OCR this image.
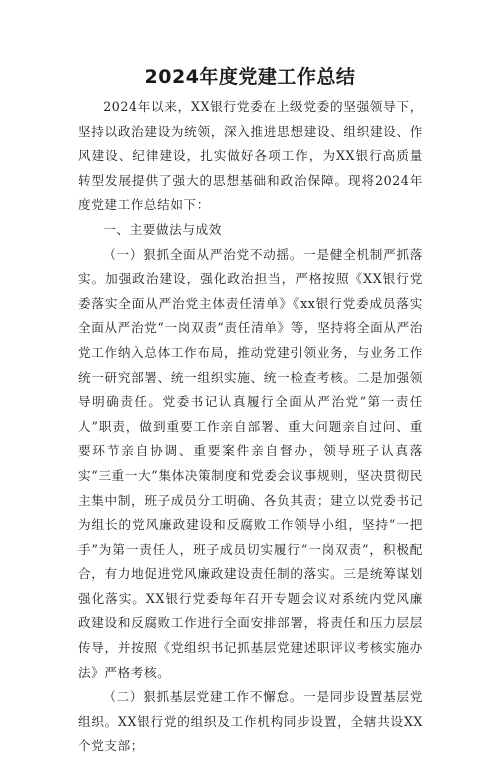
2024年度党建工作总结

2024年以来，XX银行党委在上级党委的坚强领导下，坚持以政治建设为统领，深入推进思想建设、组织建设、作风建设、纪律建设，扎实做好各项工作，为XX银行高质量转型发展提供了强大的思想基础和政治保障。现将2024年度党建工作总结如下：

一、主要做法与成效

（一）狠抓全面从严治党不动摇。一是健全机制严抓落实。加强政治建设，强化政治担当，严格按照《XX银行党委落实全面从严治党主体责任清单》《xx银行党委成员落实全面从严治党“一岗双责”责任清单》等，坚持将全面从严治党工作纳入总体工作布局，推动党建引领业务，与业务工作统一研究部署、统一组织实施、统一检查考核。二是加强领导明确责任。党委书记认真履行全面从严治党“第一责任人”职责，做到重要工作亲自部署、重大问题亲自过问、重要环节亲自协调、重要案件亲自督办，领导班子认真落实“三重一大”集体决策制度和党委会议事规则，坚决贯彻民主集中制，班子成员分工明确、各负其责；建立以党委书记为组长的党风廉政建设和反腐败工作领导小组，坚持“一把手”为第一责任人，班子成员切实履行“一岗双责”，积极配合，有力地促进党风廉政建设责任制的落实。三是统筹谋划强化落实。XX银行党委每年召开专题会议对系统内党风廉政建设和反腐败工作进行全面安排部署，将责任和压力层层传导，并按照《党组织书记抓基层党建述职评议考核实施办法》严格考核。

（二）狠抓基层党建工作不懈怠。一是同步设置基层党组织。XX银行党的组织及工作机构同步设置，全辖共设XX个党支部；
